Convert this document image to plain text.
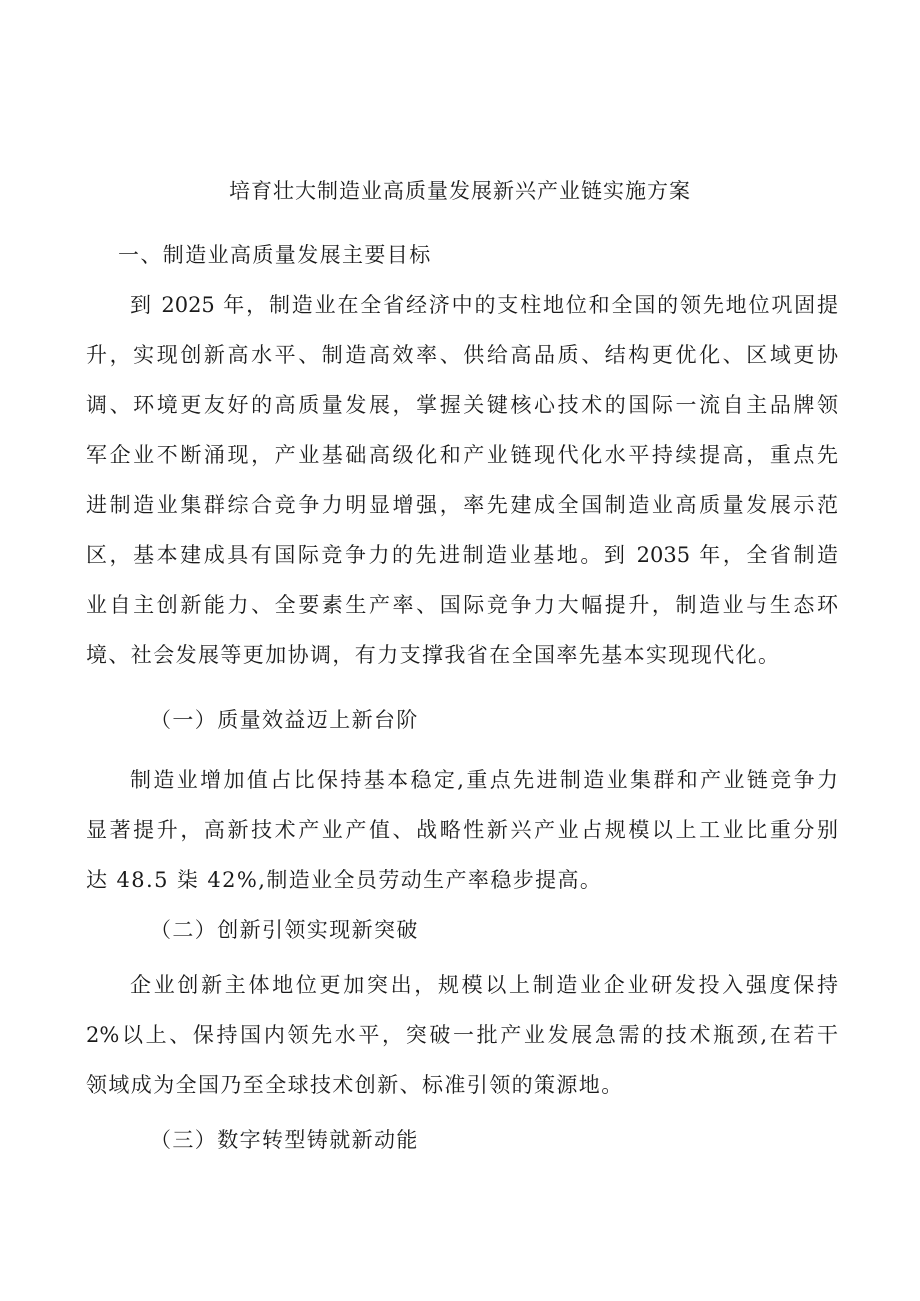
培育壮大制造业高质量发展新兴产业链实施方案
一、制造业高质量发展主要目标
到 2025 年，制造业在全省经济中的支柱地位和全国的领先地位巩固提
升，实现创新高水平、制造高效率、供给高品质、结构更优化、区域更协
调、环境更友好的高质量发展，掌握关键核心技术的国际一流自主品牌领
军企业不断涌现，产业基础高级化和产业链现代化水平持续提高，重点先
进制造业集群综合竞争力明显增强，率先建成全国制造业高质量发展示范
区，基本建成具有国际竞争力的先进制造业基地。到 2035 年，全省制造
业自主创新能力、全要素生产率、国际竞争力大幅提升，制造业与生态环
境、社会发展等更加协调，有力支撑我省在全国率先基本实现现代化。
（一）质量效益迈上新台阶
制造业增加值占比保持基本稳定,重点先进制造业集群和产业链竞争力
显著提升，高新技术产业产值、战略性新兴产业占规模以上工业比重分别
达 48.5 柒 42%,制造业全员劳动生产率稳步提高。
（二）创新引领实现新突破
企业创新主体地位更加突出，规模以上制造业企业研发投入强度保持
2%以上、保持国内领先水平，突破一批产业发展急需的技术瓶颈,在若干
领域成为全国乃至全球技术创新、标准引领的策源地。
（三）数字转型铸就新动能
